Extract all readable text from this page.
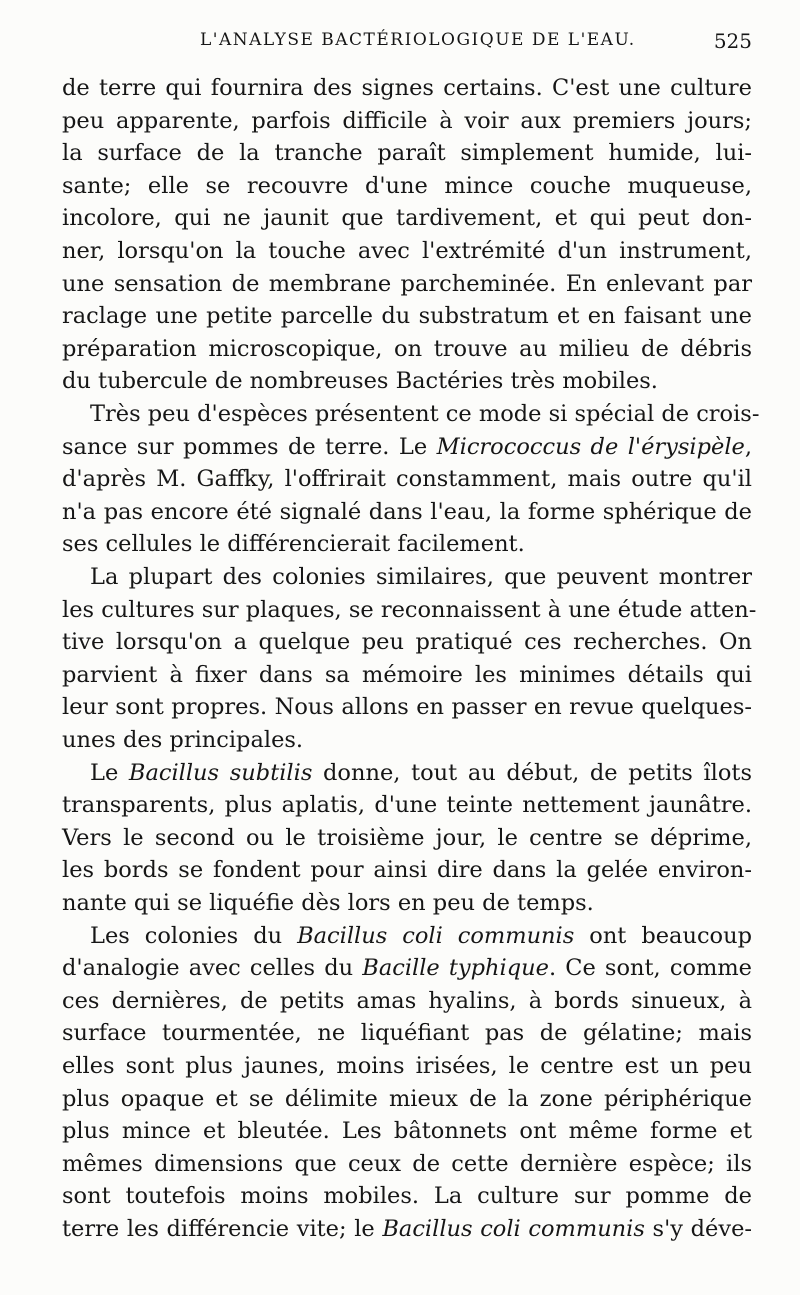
L'ANALYSE BACTÉRIOLOGIQUE DE L'EAU.	525
de terre qui fournira des signes certains. C'est une culture
peu apparente, parfois difficile à voir aux premiers jours;
la surface de la tranche paraît simplement humide, lui-
sante; elle se recouvre d'une mince couche muqueuse,
incolore, qui ne jaunit que tardivement, et qui peut don-
ner, lorsqu'on la touche avec l'extrémité d'un instrument,
une sensation de membrane parcheminée. En enlevant par
raclage une petite parcelle du substratum et en faisant une
préparation microscopique, on trouve au milieu de débris
du tubercule de nombreuses Bactéries très mobiles.
Très peu d'espèces présentent ce mode si spécial de crois-
sance sur pommes de terre. Le Micrococcus de l'érysipèle,
d'après M. Gaffky, l'offrirait constamment, mais outre qu'il
n'a pas encore été signalé dans l'eau, la forme sphérique de
ses cellules le différencierait facilement.
La plupart des colonies similaires, que peuvent montrer
les cultures sur plaques, se reconnaissent à une étude atten-
tive lorsqu'on a quelque peu pratiqué ces recherches. On
parvient à fixer dans sa mémoire les minimes détails qui
leur sont propres. Nous allons en passer en revue quelques-
unes des principales.
Le Bacillus subtilis donne, tout au début, de petits îlots
transparents, plus aplatis, d'une teinte nettement jaunâtre.
Vers le second ou le troisième jour, le centre se déprime,
les bords se fondent pour ainsi dire dans la gelée environ-
nante qui se liquéfie dès lors en peu de temps.
Les colonies du Bacillus coli communis ont beaucoup
d'analogie avec celles du Bacille typhique. Ce sont, comme
ces dernières, de petits amas hyalins, à bords sinueux, à
surface tourmentée, ne liquéfiant pas de gélatine; mais
elles sont plus jaunes, moins irisées, le centre est un peu
plus opaque et se délimite mieux de la zone périphérique
plus mince et bleutée. Les bâtonnets ont même forme et
mêmes dimensions que ceux de cette dernière espèce; ils
sont toutefois moins mobiles. La culture sur pomme de
terre les différencie vite; le Bacillus coli communis s'y déve-
